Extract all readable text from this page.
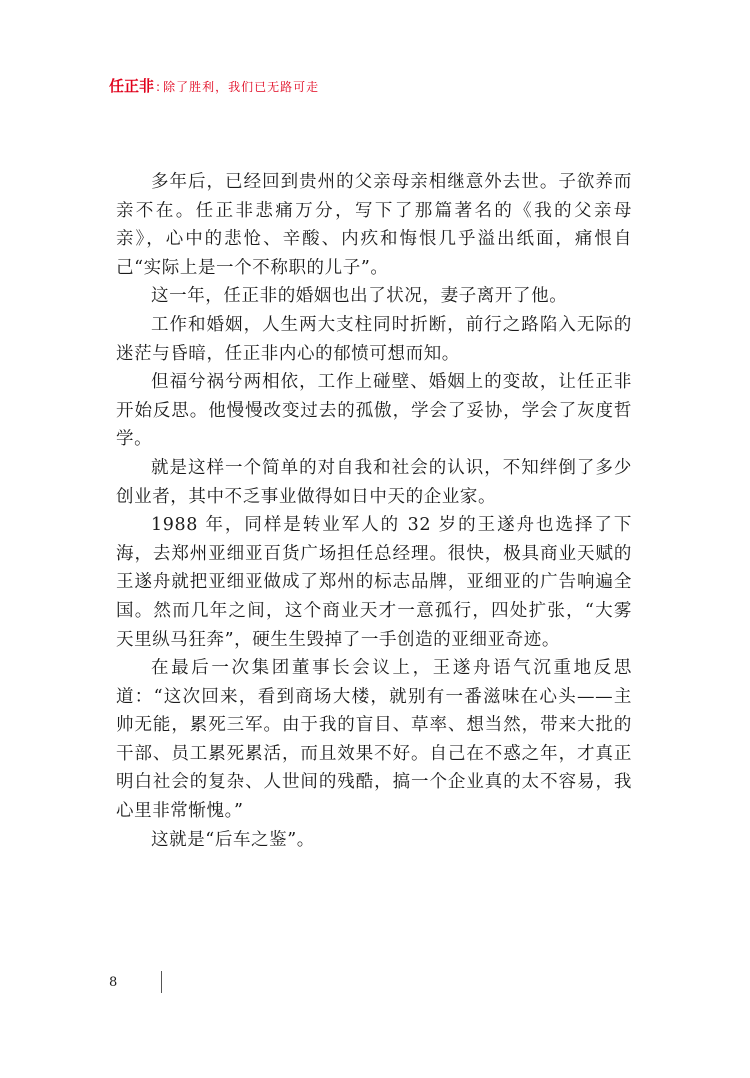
任正非 : 除了胜利，我们已无路可走

多年后，已经回到贵州的父亲母亲相继意外去世。子欲养而亲不在。任正非悲痛万分，写下了那篇著名的《我的父亲母亲》，心中的悲怆、辛酸、内疚和悔恨几乎溢出纸面，痛恨自己“实际上是一个不称职的儿子”。

这一年，任正非的婚姻也出了状况，妻子离开了他。

工作和婚姻，人生两大支柱同时折断，前行之路陷入无际的迷茫与昏暗，任正非内心的郁愤可想而知。

但福兮祸兮两相依，工作上碰壁、婚姻上的变故，让任正非开始反思。他慢慢改变过去的孤傲，学会了妥协，学会了灰度哲学。

就是这样一个简单的对自我和社会的认识，不知绊倒了多少创业者，其中不乏事业做得如日中天的企业家。

1988 年，同样是转业军人的 32 岁的王遂舟也选择了下海，去郑州亚细亚百货广场担任总经理。很快，极具商业天赋的王遂舟就把亚细亚做成了郑州的标志品牌，亚细亚的广告响遍全国。然而几年之间，这个商业天才一意孤行，四处扩张，“大雾天里纵马狂奔”，硬生生毁掉了一手创造的亚细亚奇迹。

在最后一次集团董事长会议上，王遂舟语气沉重地反思道：“这次回来，看到商场大楼，就别有一番滋味在心头——主帅无能，累死三军。由于我的盲目、草率、想当然，带来大批的干部、员工累死累活，而且效果不好。自己在不惑之年，才真正明白社会的复杂、人世间的残酷，搞一个企业真的太不容易，我心里非常惭愧。”

这就是“后车之鉴”。

8
